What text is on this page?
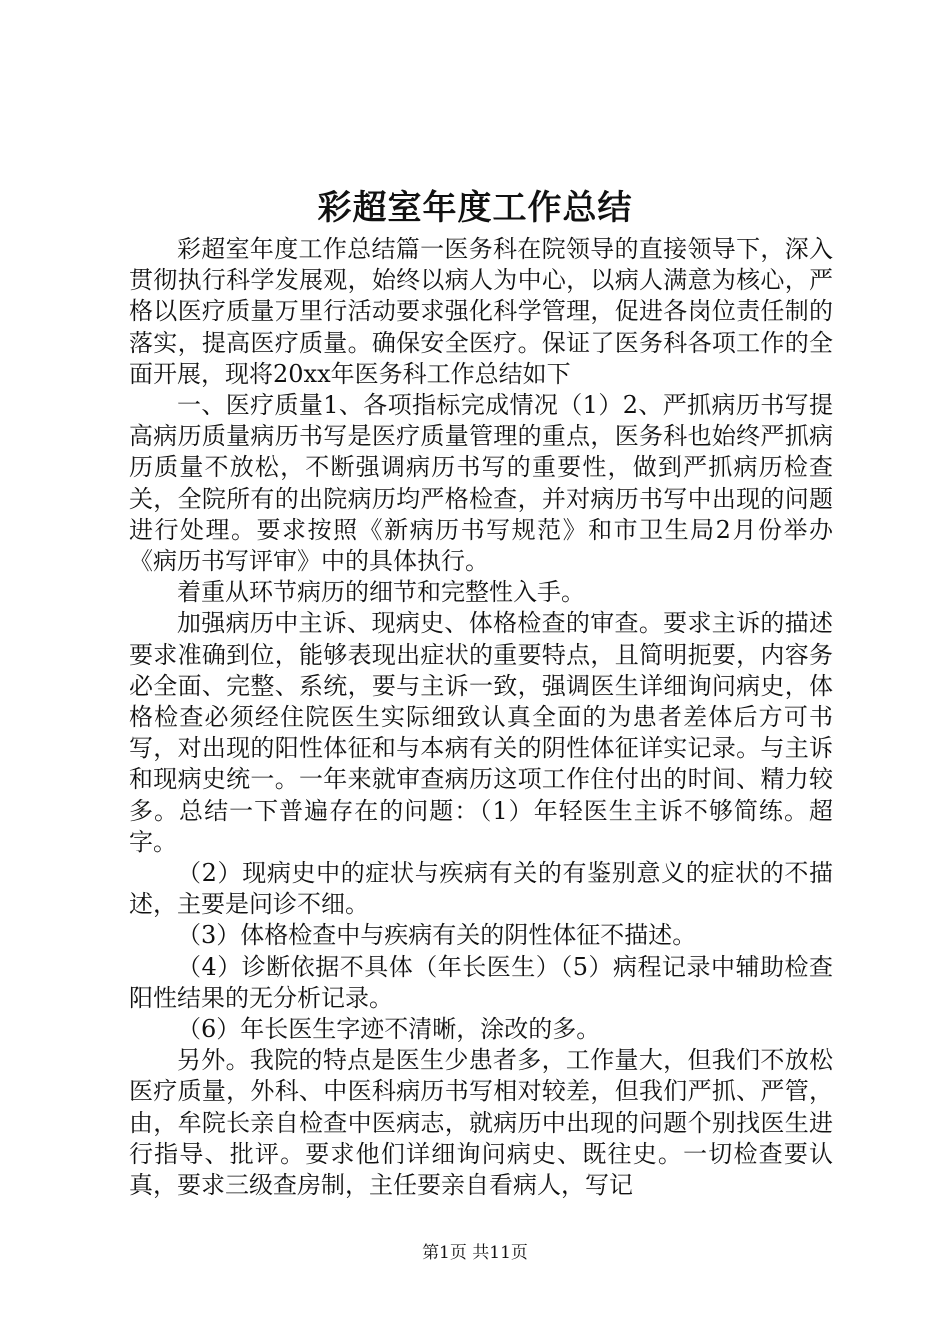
彩超室年度工作总结

彩超室年度工作总结篇一医务科在院领导的直接领导下，深入贯彻执行科学发展观，始终以病人为中心，以病人满意为核心，严格以医疗质量万里行活动要求强化科学管理，促进各岗位责任制的落实，提高医疗质量。确保安全医疗。保证了医务科各项工作的全面开展，现将20xx年医务科工作总结如下

一、医疗质量1、各项指标完成情况（1）2、严抓病历书写提高病历质量病历书写是医疗质量管理的重点，医务科也始终严抓病历质量不放松，不断强调病历书写的重要性，做到严抓病历检查关，全院所有的出院病历均严格检查，并对病历书写中出现的问题进行处理。要求按照《新病历书写规范》和市卫生局2月份举办《病历书写评审》中的具体执行。

着重从环节病历的细节和完整性入手。

加强病历中主诉、现病史、体格检查的审查。要求主诉的描述要求准确到位，能够表现出症状的重要特点，且简明扼要，内容务必全面、完整、系统，要与主诉一致，强调医生详细询问病史，体格检查必须经住院医生实际细致认真全面的为患者差体后方可书写，对出现的阳性体征和与本病有关的阴性体征详实记录。与主诉和现病史统一。一年来就审查病历这项工作住付出的时间、精力较多。总结一下普遍存在的问题：（1）年轻医生主诉不够简练。超字。

（2）现病史中的症状与疾病有关的有鉴别意义的症状的不描述，主要是问诊不细。

（3）体格检查中与疾病有关的阴性体征不描述。

（4）诊断依据不具体（年长医生）（5）病程记录中辅助检查阳性结果的无分析记录。

（6）年长医生字迹不清晰，涂改的多。

另外。我院的特点是医生少患者多，工作量大，但我们不放松医疗质量，外科、中医科病历书写相对较差，但我们严抓、严管，由，牟院长亲自检查中医病志，就病历中出现的问题个别找医生进行指导、批评。要求他们详细询问病史、既往史。一切检查要认真，要求三级查房制，主任要亲自看病人，写记

第1页 共11页
